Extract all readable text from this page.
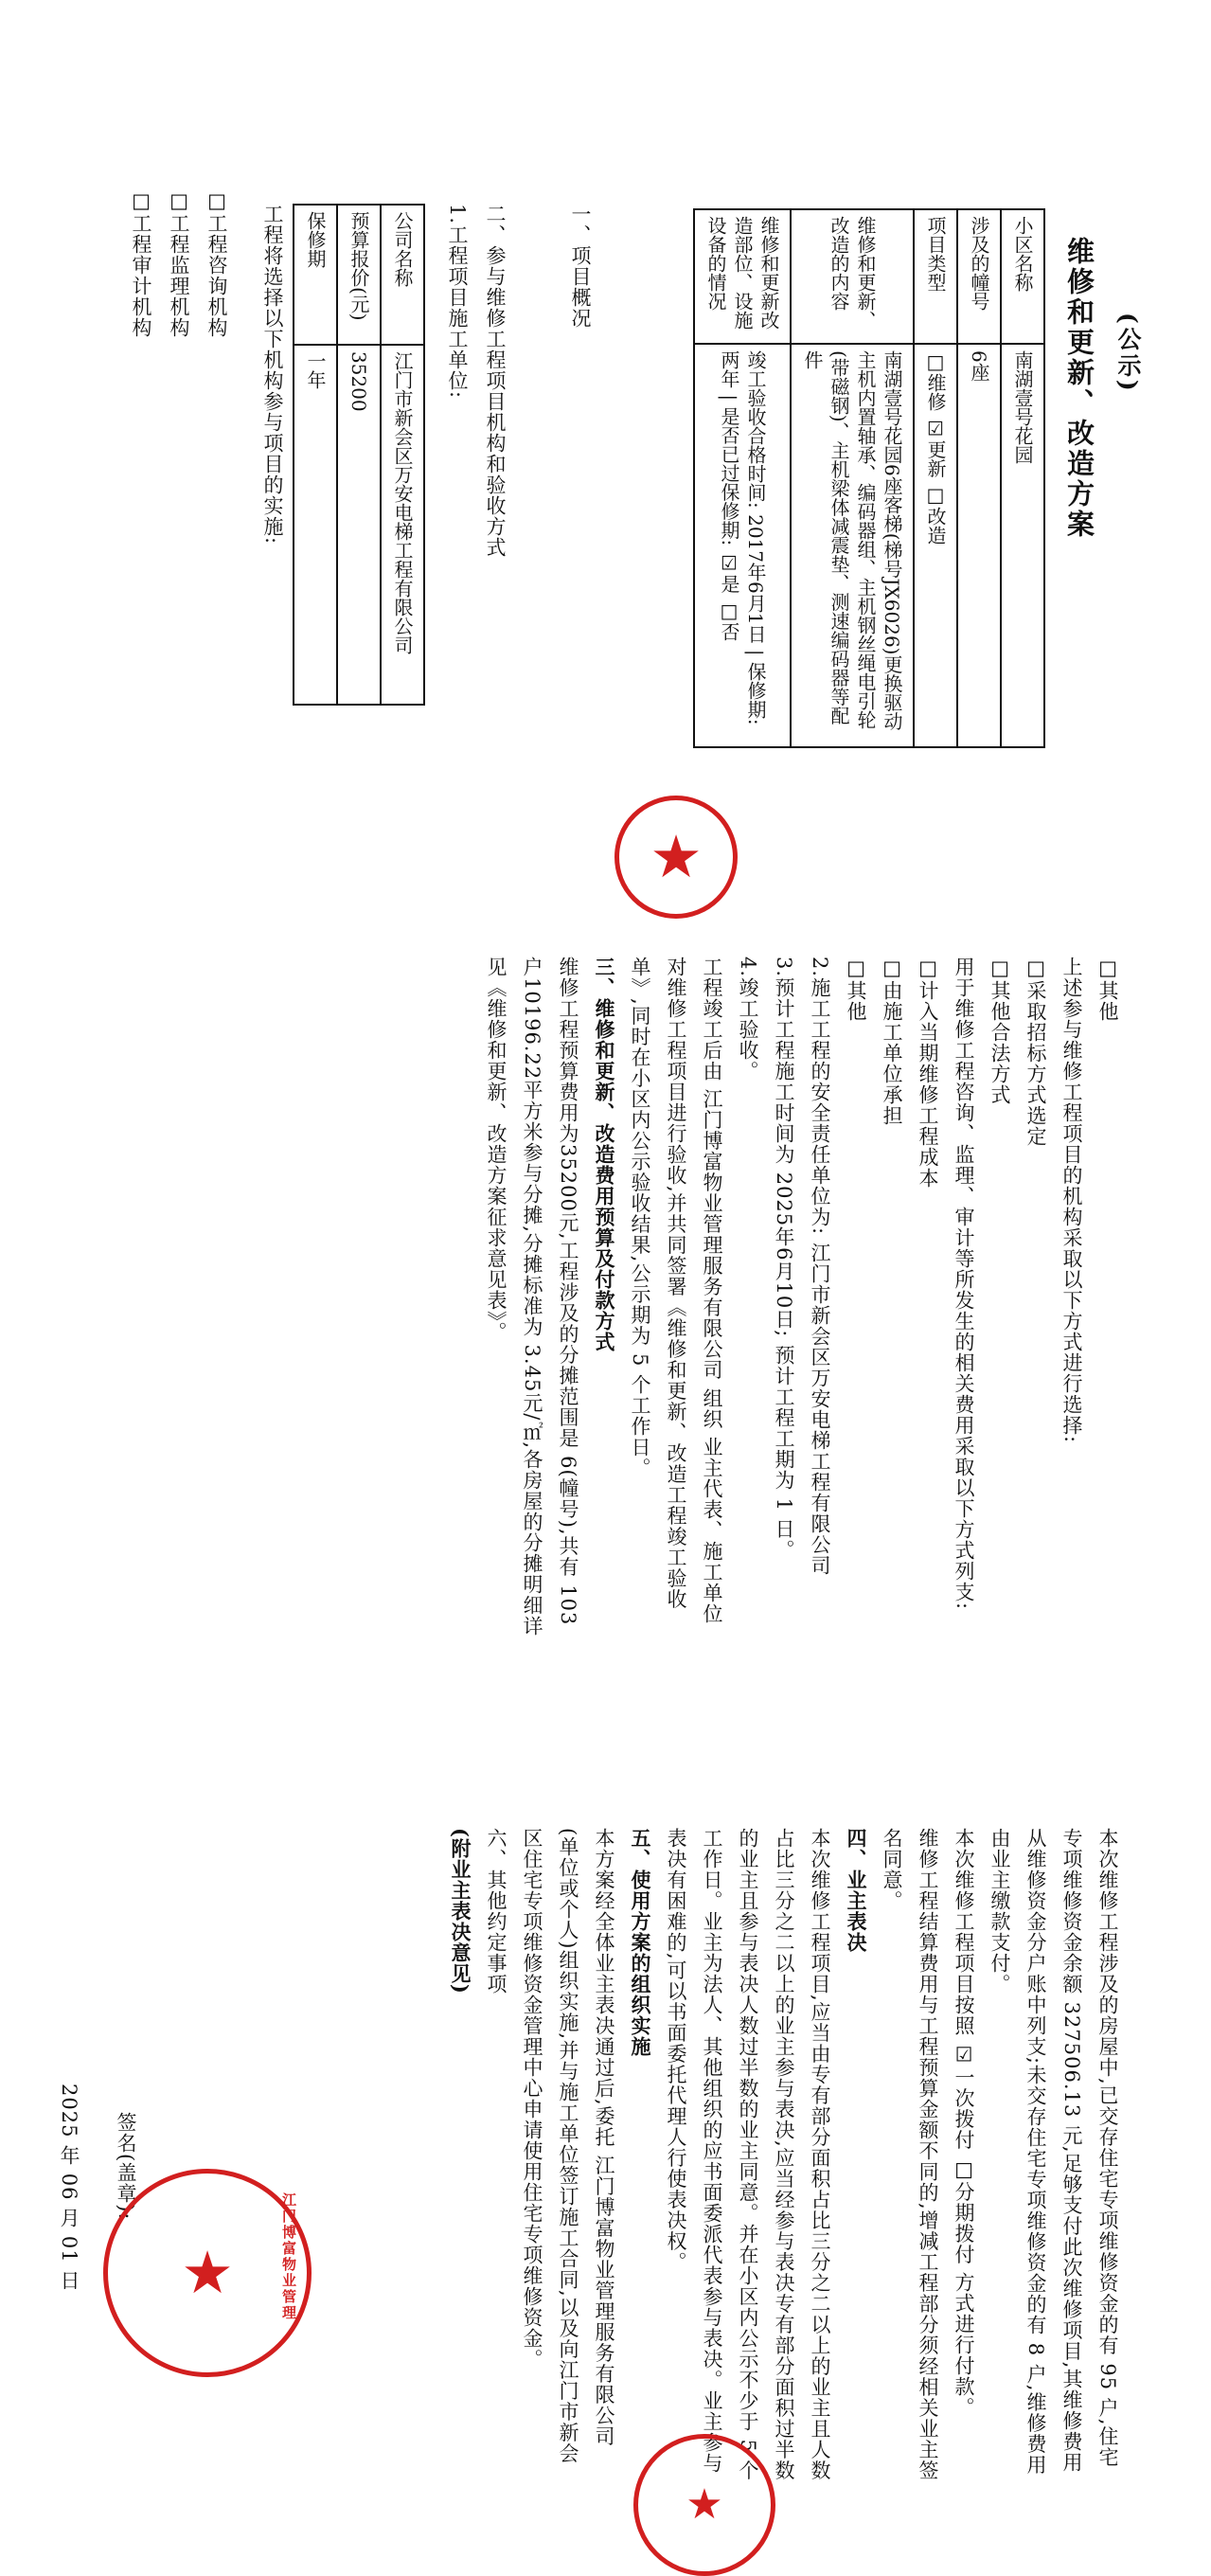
维修和更新、改造方案 (公示)
一、项目概况	小区名称	南湖壹号花园
涉及的幢号	6座
项目类型	□维修 ☑更新 □改造
维修和更新、改造的内容	南湖壹号花园6座客梯(梯号JX6026)更换驱动主机内置轴承、编码器组、主机钢丝绳电引轮(带磁钢)、主机梁体减震垫、测速编码器等配件
维修和更新改造部位、设施设备的情况	竣工验收合格时间: 2017年6月1日 | 保修期: 两年 | 是否已过保修期: ☑是 □否
二、参与维修工程项目机构和验收方式
1.工程项目施工单位:
公司名称	江门市新会区万安电梯工程有限公司
预算报价(元)	35200
保修期	一年
工程将选择以下机构参与项目的实施:
□工程咨询机构
□工程监理机构
□工程审计机构
★
□其他
上述参与维修工程项目的机构采取以下方式进行选择:
□采取招标方式选定
□其他合法方式
用于维修工程咨询、监理、审计等所发生的相关费用采取以下方式列支:
□计入当期维修工程成本
□由施工单位承担
□其他
2.施工工程的安全责任单位为: 江门市新会区万安电梯工程有限公司
3.预计工程施工时间为 2025年6月10日; 预计工程工期为 1 日。
4.竣工验收。
工程竣工后由 江门博富物业管理服务有限公司 组织 业主代表、施工单位对维修工程项目进行验收,并共同签署《维修和更新、改造工程竣工验收单》,同时在小区内公示验收结果,公示期为 5 个工作日。
三、维修和更新、改造费用预算及付款方式
维修工程预算费用为35200元,工程涉及的分摊范围是 6(幢号),共有 103 户10196.22平方米参与分摊,分摊标准为 3.45元/㎡,各房屋的分摊明细详见《维修和更新、改造方案征求意见表》。
本次维修工程涉及的房屋中,已交存住宅专项维修资金的有 95 户,住宅专项维修资金余额 327506.13 元,足够支付此次维修项目,其维修费用从维修资金分户账中列支;未交存住宅专项维修资金的有 8 户,维修费用由业主缴款支付。
本次维修工程项目按照 ☑一次拨付 □分期拨付 方式进行付款。
维修工程结算费用与工程预算金额不同的,增减工程部分须经相关业主签名同意。
四、业主表决
本次维修工程项目,应当由专有部分面积占比三分之二以上的业主且人数占比三分之二以上的业主参与表决,应当经参与表决专有部分面积过半数的业主且参与表决人数过半数的业主同意。并在小区内公示不少于 5 个工作日。业主为法人、其他组织的应书面委派代表参与表决。业主参与表决有困难的,可以书面委托代理人行使表决权。
五、使用方案的组织实施
本方案经全体业主表决通过后,委托 江门博富物业管理服务有限公司 (单位或个人)组织实施,并与施工单位签订施工合同,以及向江门市新会区住宅专项维修资金管理中心申请使用住宅专项维修资金。
六、其他约定事项
(附业主表决意见)
签名(盖章):
2025 年 06 月 01 日 ★	江门博富物业管理
★
